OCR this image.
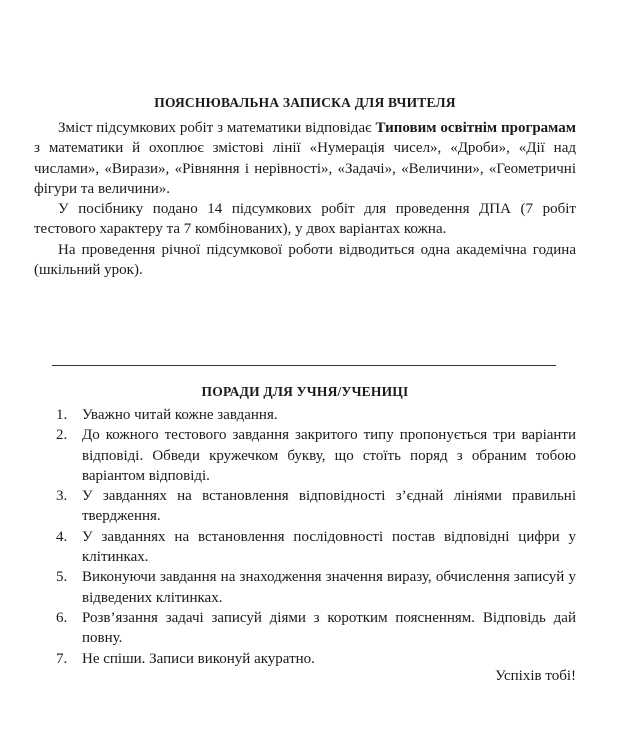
ПОЯСНЮВАЛЬНА ЗАПИСКА ДЛЯ ВЧИТЕЛЯ

Зміст підсумкових робіт з математики відповідає Типовим освітнім програмам з математики й охоплює змістові лінії «Нумерація чисел», «Дроби», «Дії над числами», «Вирази», «Рівняння і нерівності», «Задачі», «Величини», «Геометричні фігури та величини».

У посібнику подано 14 підсумкових робіт для проведення ДПА (7 робіт тестового характеру та 7 комбінованих), у двох варіантах кожна.

На проведення річної підсумкової роботи відводиться одна академічна година (шкільний урок).

ПОРАДИ ДЛЯ УЧНЯ/УЧЕНИЦІ
1. Уважно читай кожне завдання.
2. До кожного тестового завдання закритого типу пропонується три варіанти відповіді. Обведи кружечком букву, що стоїть поряд з обраним тобою варіантом відповіді.
3. У завданнях на встановлення відповідності з’єднай лініями правильні твердження.
4. У завданнях на встановлення послідовності постав відповідні цифри у клітинках.
5. Виконуючи завдання на знаходження значення виразу, обчислення записуй у відведених клітинках.
6. Розв’язання задачі записуй діями з коротким поясненням. Відповідь дай повну.
7. Не спіши. Записи виконуй акуратно.
Успіхів тобі!
